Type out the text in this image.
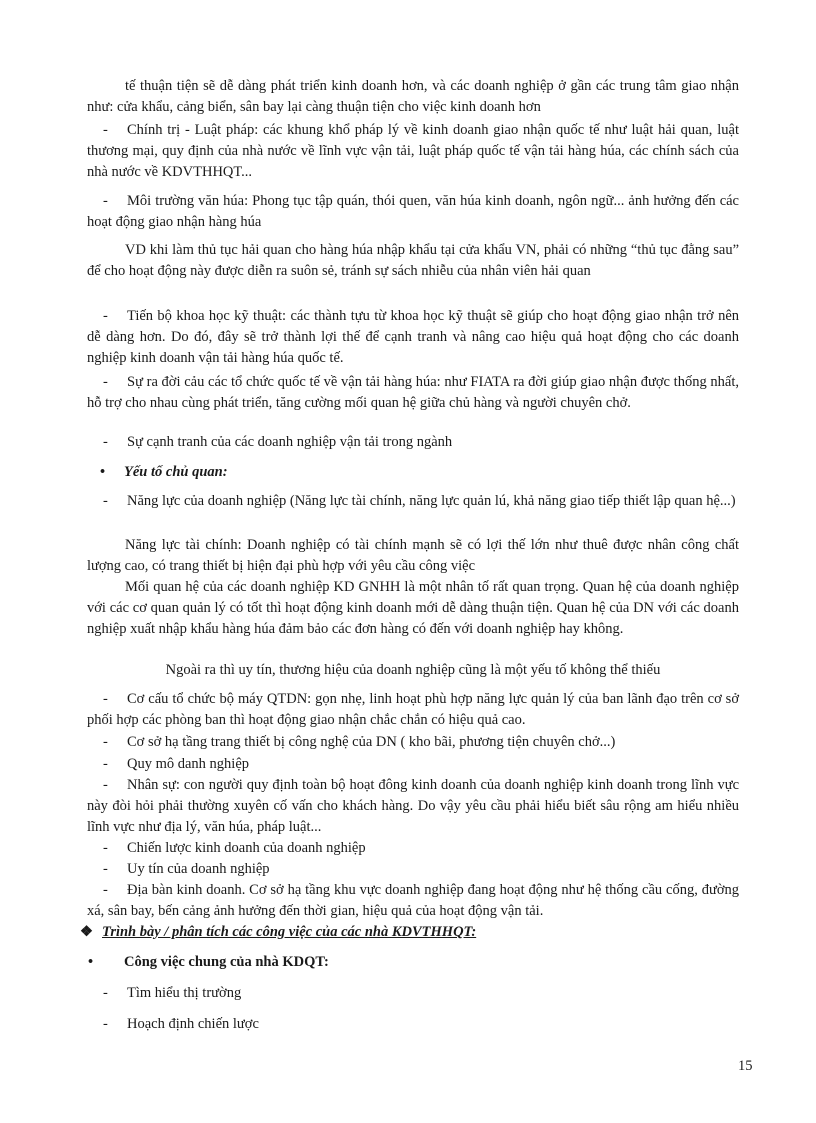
tế thuận tiện sẽ dễ dàng phát triển kinh doanh hơn, và các doanh nghiệp ở gần các trung tâm giao nhận như: cửa khẩu, cảng biển, sân bay lại càng thuận tiện cho việc kinh doanh hơn

- Chính trị - Luật pháp: các khung khổ pháp lý về kinh doanh giao nhận quốc tế như luật hải quan, luật thương mại, quy định của nhà nước về lĩnh vực vận tải, luật pháp quốc tế vận tải hàng húa, các chính sách của nhà nước về KDVTHHQT...

- Môi trường văn húa: Phong tục tập quán, thói quen, văn húa kinh doanh, ngôn ngữ... ảnh hưởng đến các hoạt động giao nhận hàng húa

VD khi làm thủ tục hải quan cho hàng húa nhập khẩu tại cửa khẩu VN, phải có những “thủ tục đằng sau” để cho hoạt động này được diễn ra suôn sẻ, tránh sự sách nhiễu của nhân viên hải quan

- Tiến bộ khoa học kỹ thuật: các thành tựu từ khoa học kỹ thuật sẽ giúp cho hoạt động giao nhận trở nên dễ dàng hơn. Do đó, đây sẽ trở thành lợi thế để cạnh tranh và nâng cao hiệu quả hoạt động cho các doanh nghiệp kinh doanh vận tải hàng húa quốc tế.

- Sự ra đời cảu các tổ chức quốc tế về vận tải hàng húa: như FIATA ra đời giúp giao nhận được thống nhất, hỗ trợ cho nhau cùng phát triển, tăng cường mối quan hệ giữa chủ hàng và người chuyên chở.

- Sự cạnh tranh của các doanh nghiệp vận tải trong ngành

• Yếu tố chủ quan:

- Năng lực của doanh nghiệp (Năng lực tài chính, năng lực quản lú, khả năng giao tiếp thiết lập quan hệ...)

Năng lực tài chính: Doanh nghiệp có tài chính mạnh sẽ có lợi thế lớn như thuê được nhân công chất lượng cao, có trang thiết bị hiện đại phù hợp với yêu cầu công việc

Mối quan hệ của các doanh nghiệp KD GNHH là một nhân tố rất quan trọng. Quan hệ của doanh nghiệp với các cơ quan quản lý có tốt thì hoạt động kinh doanh mới dễ dàng thuận tiện. Quan hệ của DN với các doanh nghiệp xuất nhập khẩu hàng húa đảm bảo các đơn hàng có đến với doanh nghiệp hay không.

Ngoài ra thì uy tín, thương hiệu của doanh nghiệp cũng là một yếu tố không thể thiếu

- Cơ cấu tổ chức bộ máy QTDN: gọn nhẹ, linh hoạt phù hợp năng lực quản lý của ban lãnh đạo trên cơ sở phối hợp các phòng ban thì hoạt động giao nhận chắc chắn có hiệu quả cao.

- Cơ sở hạ tầng trang thiết bị công nghệ của DN ( kho bãi, phương tiện chuyên chở...)

- Quy mô danh nghiệp

- Nhân sự: con người quy định toàn bộ hoạt đông kinh doanh của doanh nghiệp kinh doanh trong lĩnh vực này đòi hỏi phải thường xuyên cố vấn cho khách hàng. Do vậy yêu cầu phải hiểu biết sâu rộng am hiểu nhiều lĩnh vực như địa lý, văn húa, pháp luật...

- Chiến lược kinh doanh của doanh nghiệp

- Uy tín của doanh nghiệp

- Địa bàn kinh doanh. Cơ sở hạ tầng khu vực doanh nghiệp đang hoạt động như hệ thống cầu cống, đường xá, sân bay, bến cảng ảnh hưởng đến thời gian, hiệu quả của hoạt động vận tải.

❖ Trình bày / phân tích các công việc của các nhà KDVTHHQT:
• Công việc chung của nhà KDQT:
- Tìm hiểu thị trường
- Hoạch định chiến lược
15
